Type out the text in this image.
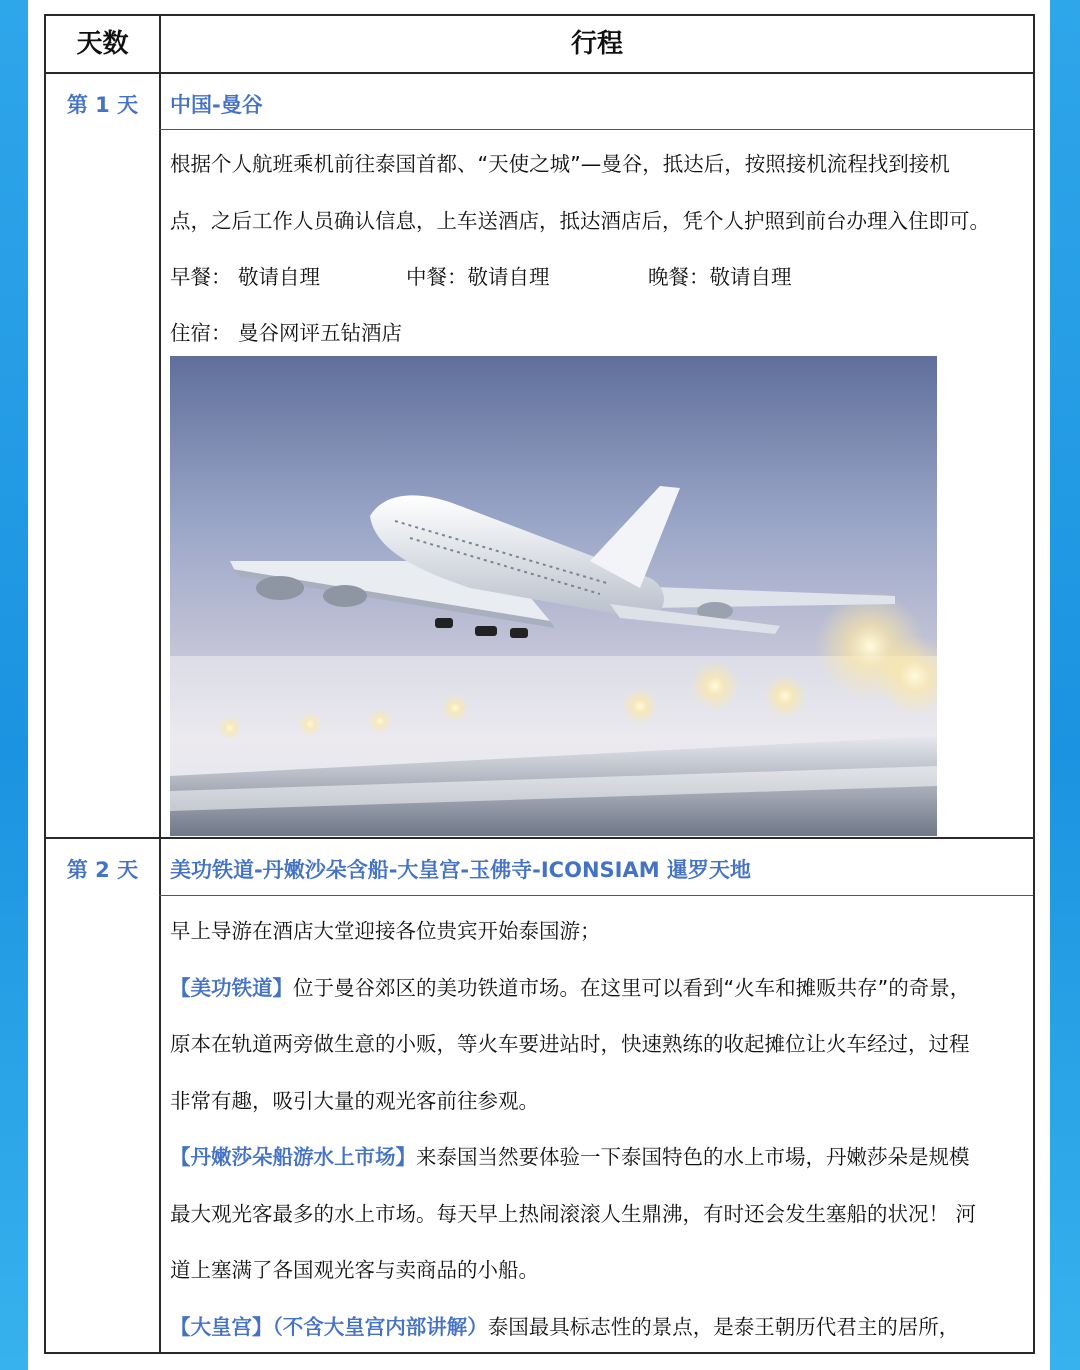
天数	行程
第 1 天	中国-曼谷
根据个人航班乘机前往泰国首都、“天使之城”—曼谷，抵达后，按照接机流程找到接机
点，之后工作人员确认信息，上车送酒店，抵达酒店后，凭个人护照到前台办理入住即可。
早餐： 敬请自理	中餐：敬请自理	晚餐：敬请自理
住宿： 曼谷网评五钻酒店
第 2 天	美功铁道-丹嫩沙朵含船-大皇宫-玉佛寺-ICONSIAM 暹罗天地
早上导游在酒店大堂迎接各位贵宾开始泰国游；
【美功铁道】位于曼谷郊区的美功铁道市场。在这里可以看到“火车和摊贩共存”的奇景，
原本在轨道两旁做生意的小贩，等火车要进站时，快速熟练的收起摊位让火车经过，过程
非常有趣，吸引大量的观光客前往参观。
【丹嫩莎朵船游水上市场】来泰国当然要体验一下泰国特色的水上市場，丹嫩莎朵是规模
最大观光客最多的水上市场。每天早上热闹滚滚人生鼎沸，有时还会发生塞船的状况！ 河
道上塞满了各国观光客与卖商品的小船。
【大皇宫】（不含大皇宫内部讲解）泰国最具标志性的景点，是泰王朝历代君主的居所，
